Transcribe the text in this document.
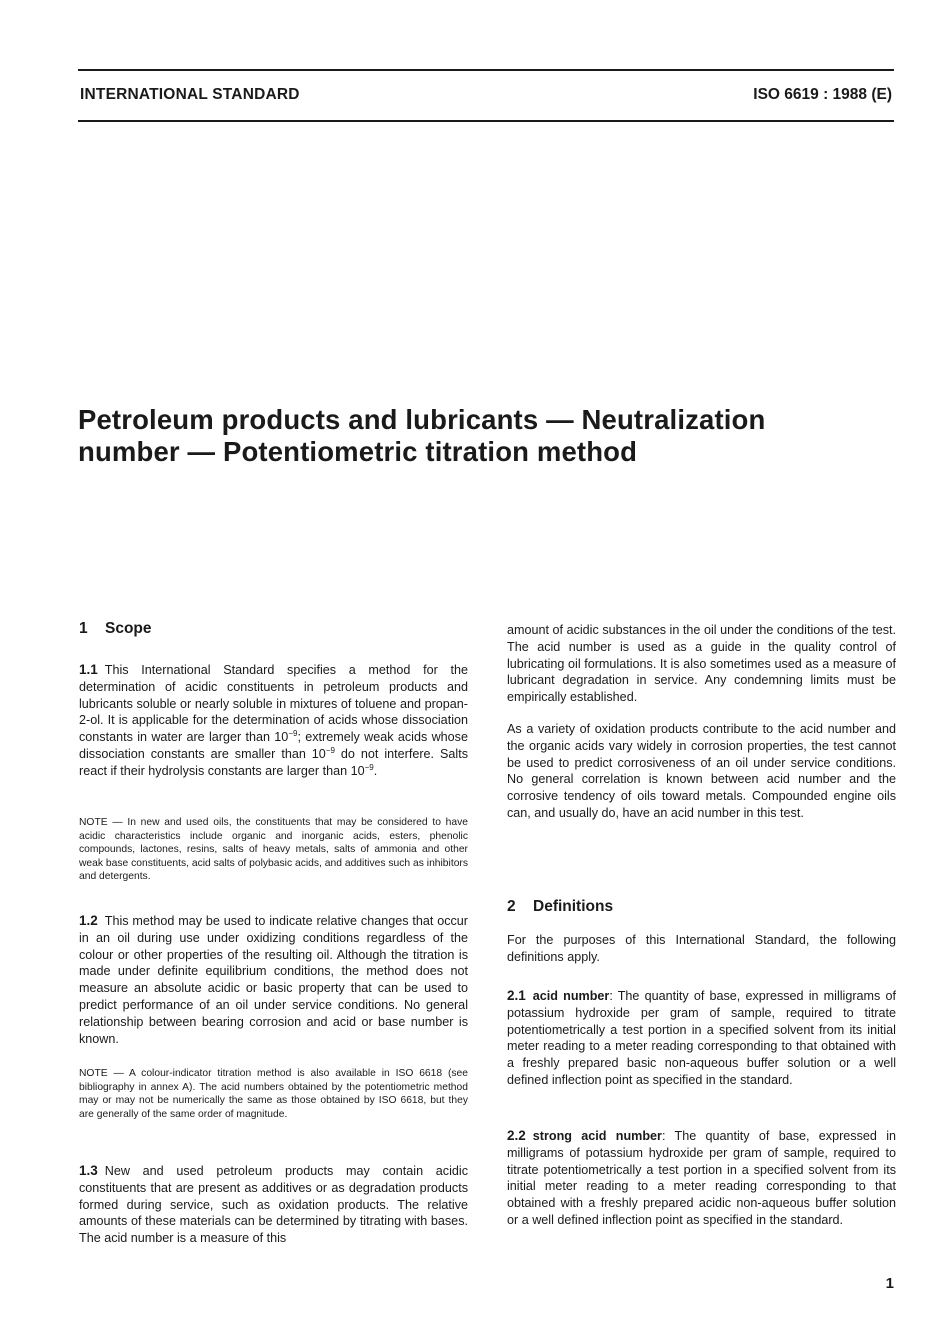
INTERNATIONAL STANDARD	ISO 6619 : 1988 (E)
Petroleum products and lubricants — Neutralization
number — Potentiometric titration method
1 Scope

1.1 This International Standard specifies a method for the determination of acidic constituents in petroleum products and lubricants soluble or nearly soluble in mixtures of toluene and propan-2-ol. It is applicable for the determination of acids whose dissociation constants in water are larger than $10^{-9}$; extremely weak acids whose dissociation constants are smaller than $10^{-9}$ do not interfere. Salts react if their hydrolysis constants are larger than $10^{-9}$.

NOTE — In new and used oils, the constituents that may be considered to have acidic characteristics include organic and inorganic acids, esters, phenolic compounds, lactones, resins, salts of heavy metals, salts of ammonia and other weak base constituents, acid salts of polybasic acids, and additives such as inhibitors and detergents.

1.2 This method may be used to indicate relative changes that occur in an oil during use under oxidizing conditions regardless of the colour or other properties of the resulting oil. Although the titration is made under definite equilibrium conditions, the method does not measure an absolute acidic or basic property that can be used to predict performance of an oil under service conditions. No general relationship between bearing corrosion and acid or base number is known.

NOTE — A colour-indicator titration method is also available in ISO 6618 (see bibliography in annex A). The acid numbers obtained by the potentiometric method may or may not be numerically the same as those obtained by ISO 6618, but they are generally of the same order of magnitude.

1.3 New and used petroleum products may contain acidic constituents that are present as additives or as degradation products formed during service, such as oxidation products. The relative amounts of these materials can be determined by titrating with bases. The acid number is a measure of this

amount of acidic substances in the oil under the conditions of the test. The acid number is used as a guide in the quality control of lubricating oil formulations. It is also sometimes used as a measure of lubricant degradation in service. Any condemning limits must be empirically established.

As a variety of oxidation products contribute to the acid number and the organic acids vary widely in corrosion properties, the test cannot be used to predict corrosiveness of an oil under service conditions. No general correlation is known between acid number and the corrosive tendency of oils toward metals. Compounded engine oils can, and usually do, have an acid number in this test.

2 Definitions

For the purposes of this International Standard, the following definitions apply.

2.1 acid number: The quantity of base, expressed in milligrams of potassium hydroxide per gram of sample, required to titrate potentiometrically a test portion in a specified solvent from its initial meter reading to a meter reading corresponding to that obtained with a freshly prepared basic non-aqueous buffer solution or a well defined inflection point as specified in the standard.

2.2 strong acid number: The quantity of base, expressed in milligrams of potassium hydroxide per gram of sample, required to titrate potentiometrically a test portion in a specified solvent from its initial meter reading to a meter reading corresponding to that obtained with a freshly prepared acidic non-aqueous buffer solution or a well defined inflection point as specified in the standard.

1
